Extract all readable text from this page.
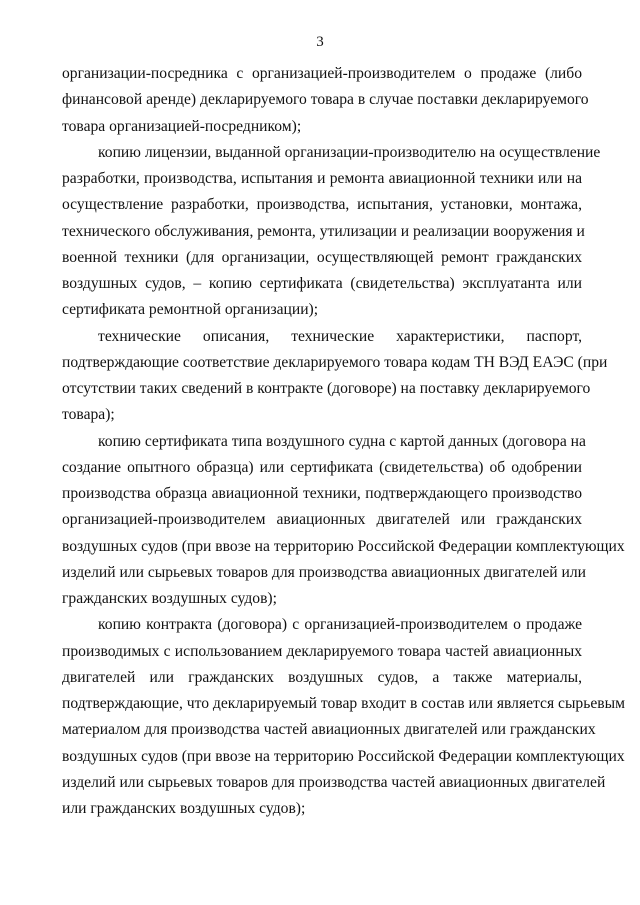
3
организации-посредника с организацией-производителем о продаже (либо
финансовой аренде) декларируемого товара в случае поставки декларируемого
товара организацией-посредником);
копию лицензии, выданной организации-производителю на осуществление
разработки, производства, испытания и ремонта авиационной техники или на
осуществление разработки, производства, испытания, установки, монтажа,
технического обслуживания, ремонта, утилизации и реализации вооружения и
военной техники (для организации, осуществляющей ремонт гражданских
воздушных судов, – копию сертификата (свидетельства) эксплуатанта или
сертификата ремонтной организации);
технические описания, технические характеристики, паспорт,
подтверждающие соответствие декларируемого товара кодам ТН ВЭД ЕАЭС (при
отсутствии таких сведений в контракте (договоре) на поставку декларируемого
товара);
копию сертификата типа воздушного судна с картой данных (договора на
создание опытного образца) или сертификата (свидетельства) об одобрении
производства образца авиационной техники, подтверждающего производство
организацией-производителем авиационных двигателей или гражданских
воздушных судов (при ввозе на территорию Российской Федерации комплектующих
изделий или сырьевых товаров для производства авиационных двигателей или
гражданских воздушных судов);
копию контракта (договора) с организацией-производителем о продаже
производимых с использованием декларируемого товара частей авиационных
двигателей или гражданских воздушных судов, а также материалы,
подтверждающие, что декларируемый товар входит в состав или является сырьевым
материалом для производства частей авиационных двигателей или гражданских
воздушных судов (при ввозе на территорию Российской Федерации комплектующих
изделий или сырьевых товаров для производства частей авиационных двигателей
или гражданских воздушных судов);
